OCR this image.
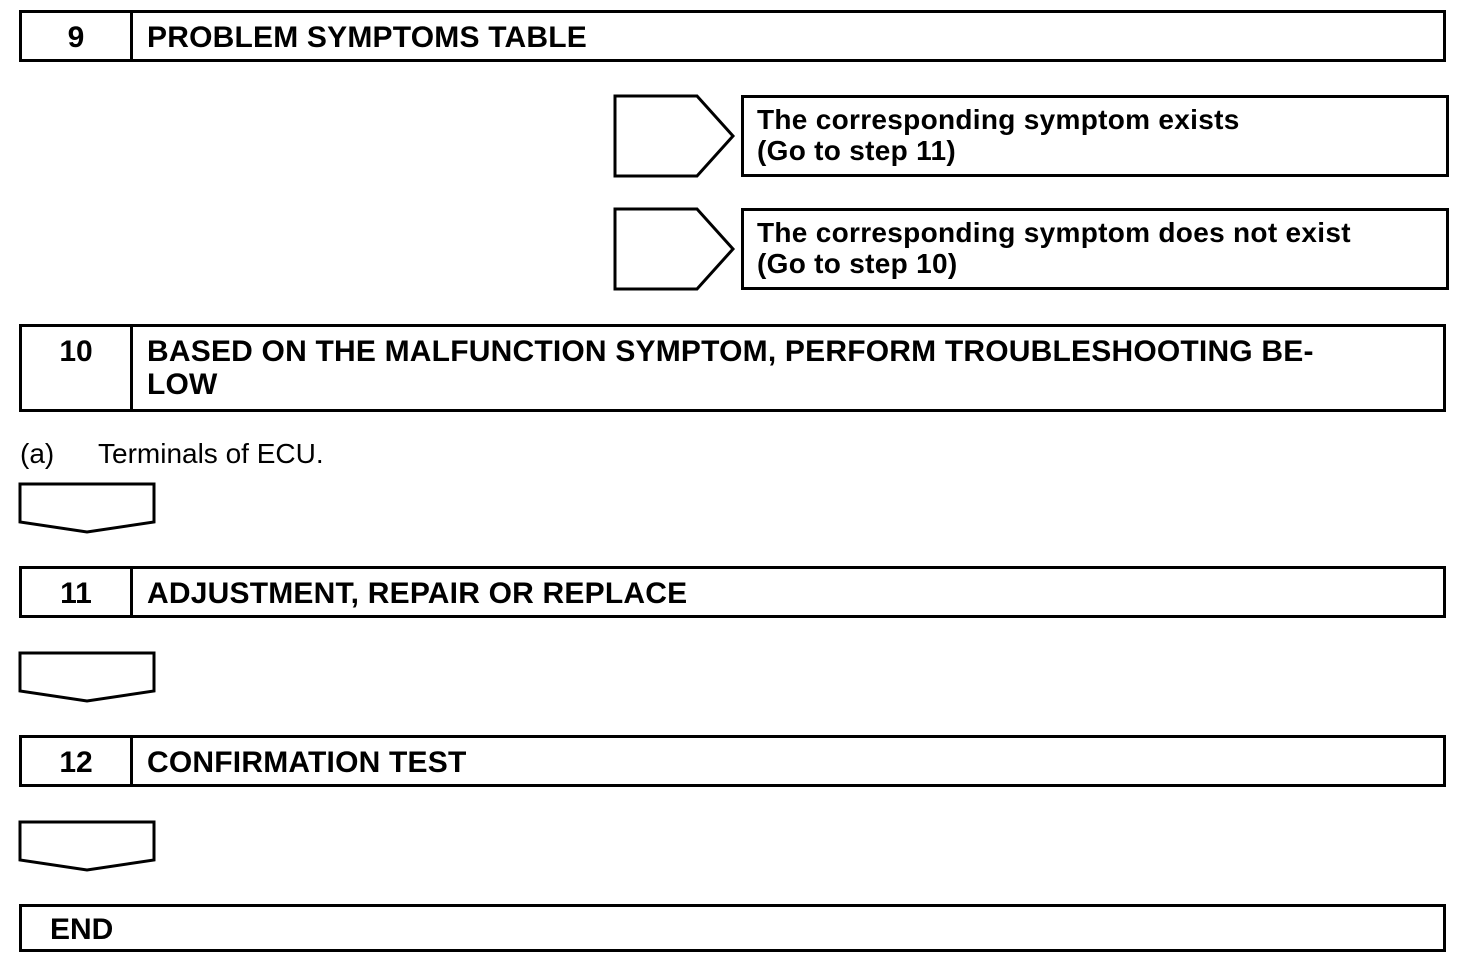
9	PROBLEM SYMPTOMS TABLE
The corresponding symptom exists
(Go to step 11)
The corresponding symptom does not exist
(Go to step 10)
10	BASED ON THE MALFUNCTION SYMPTOM, PERFORM TROUBLESHOOTING BE-
LOW
(a)	Terminals of ECU.
11	ADJUSTMENT, REPAIR OR REPLACE
12	CONFIRMATION TEST
END
